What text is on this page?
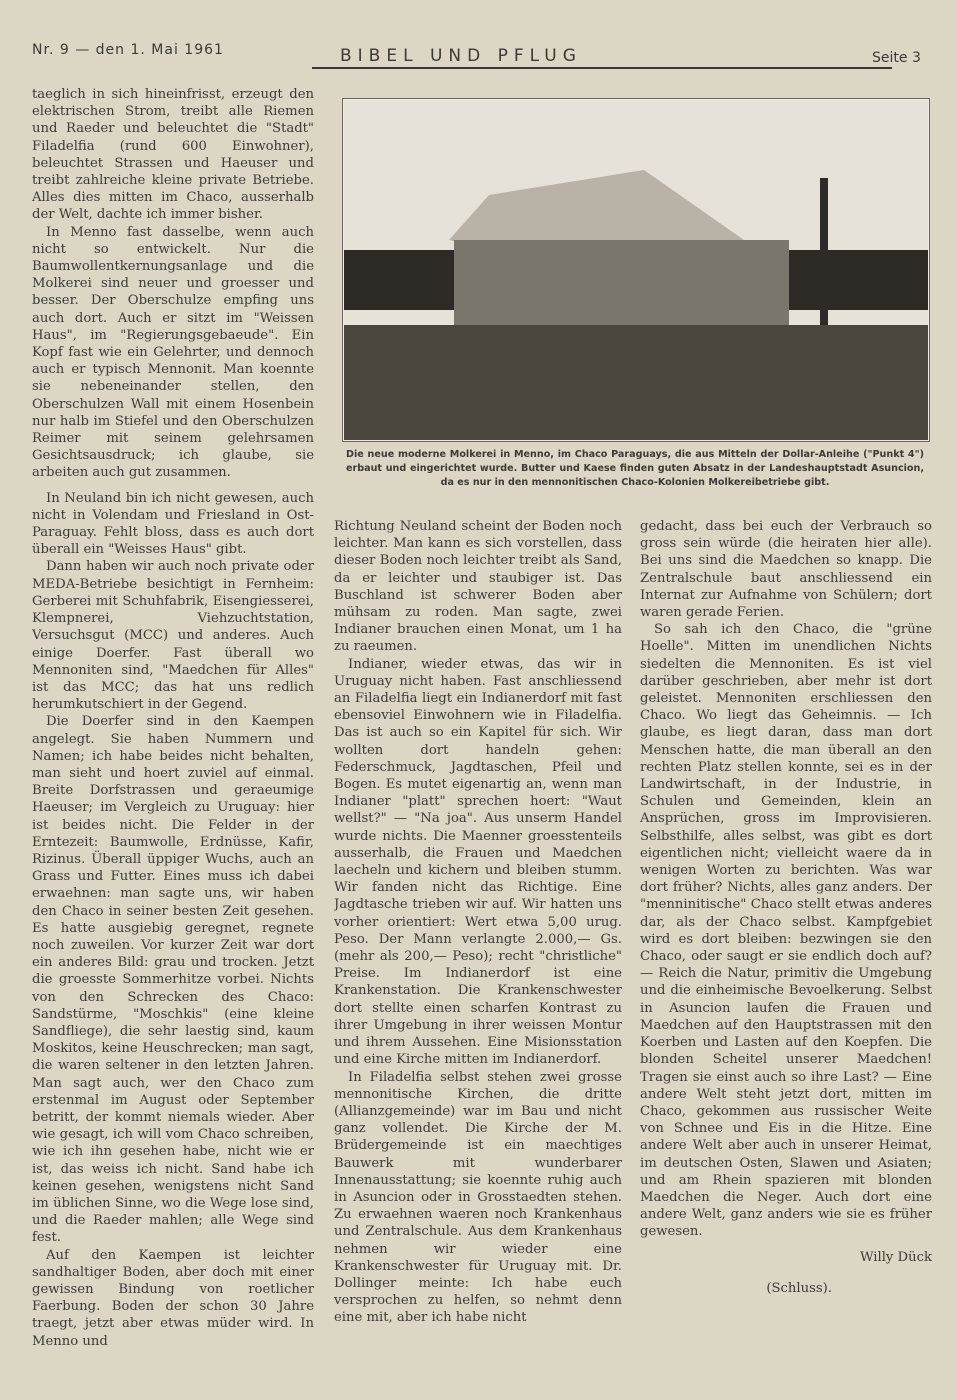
Nr. 9 — den 1. Mai 1961	BIBEL UND PFLUG	Seite 3

taeglich in sich hineinfrisst, erzeugt den elektrischen Strom, treibt alle Riemen und Raeder und beleuchtet die "Stadt" Filadelfia (rund 600 Einwohner), beleuchtet Strassen und Haeuser und treibt zahlreiche kleine private Betriebe. Alles dies mitten im Chaco, ausserhalb der Welt, dachte ich immer bisher.

In Menno fast dasselbe, wenn auch nicht so entwickelt. Nur die Baumwollentkernungsanlage und die Molkerei sind neuer und groesser und besser. Der Oberschulze empfing uns auch dort. Auch er sitzt im "Weissen Haus", im "Regierungsgebaeude". Ein Kopf fast wie ein Gelehrter, und dennoch auch er typisch Mennonit. Man koennte sie nebeneinander stellen, den Oberschulzen Wall mit einem Hosenbein nur halb im Stiefel und den Oberschulzen Reimer mit seinem gelehrsamen Gesichtsausdruck; ich glaube, sie arbeiten auch gut zusammen.

In Neuland bin ich nicht gewesen, auch nicht in Volendam und Friesland in Ost-Paraguay. Fehlt bloss, dass es auch dort überall ein "Weisses Haus" gibt.

Dann haben wir auch noch private oder MEDA-Betriebe besichtigt in Fernheim: Gerberei mit Schuhfabrik, Eisengiesserei, Klempnerei, Viehzuchtstation, Versuchsgut (MCC) und anderes. Auch einige Doerfer. Fast überall wo Mennoniten sind, "Maedchen für Alles" ist das MCC; das hat uns redlich herumkutschiert in der Gegend.

Die Doerfer sind in den Kaempen angelegt. Sie haben Nummern und Namen; ich habe beides nicht behalten, man sieht und hoert zuviel auf einmal. Breite Dorfstrassen und geraeumige Haeuser; im Vergleich zu Uruguay: hier ist beides nicht. Die Felder in der Erntezeit: Baumwolle, Erdnüsse, Kafir, Rizinus. Überall üppiger Wuchs, auch an Grass und Futter. Eines muss ich dabei erwaehnen: man sagte uns, wir haben den Chaco in seiner besten Zeit gesehen. Es hatte ausgiebig geregnet, regnete noch zuweilen. Vor kurzer Zeit war dort ein anderes Bild: grau und trocken. Jetzt die groesste Sommerhitze vorbei. Nichts von den Schrecken des Chaco: Sandstürme, "Moschkis" (eine kleine Sandfliege), die sehr laestig sind, kaum Moskitos, keine Heuschrecken; man sagt, die waren seltener in den letzten Jahren. Man sagt auch, wer den Chaco zum erstenmal im August oder September betritt, der kommt niemals wieder. Aber wie gesagt, ich will vom Chaco schreiben, wie ich ihn gesehen habe, nicht wie er ist, das weiss ich nicht. Sand habe ich keinen gesehen, wenigstens nicht Sand im üblichen Sinne, wo die Wege lose sind, und die Raeder mahlen; alle Wege sind fest.

Auf den Kaempen ist leichter sandhaltiger Boden, aber doch mit einer gewissen Bindung von roetlicher Faerbung. Boden der schon 30 Jahre traegt, jetzt aber etwas müder wird. In Menno und

Die neue moderne Molkerei in Menno, im Chaco Paraguays, die aus Mitteln der Dollar-Anleihe ("Punkt 4") erbaut und eingerichtet wurde. Butter und Kaese finden guten Absatz in der Landeshauptstadt Asuncion, da es nur in den mennonitischen Chaco-Kolonien Molkereibetriebe gibt.

Richtung Neuland scheint der Boden noch leichter. Man kann es sich vorstellen, dass dieser Boden noch leichter treibt als Sand, da er leichter und staubiger ist. Das Buschland ist schwerer Boden aber mühsam zu roden. Man sagte, zwei Indianer brauchen einen Monat, um 1 ha zu raeumen.

Indianer, wieder etwas, das wir in Uruguay nicht haben. Fast anschliessend an Filadelfia liegt ein Indianerdorf mit fast ebensoviel Einwohnern wie in Filadelfia. Das ist auch so ein Kapitel für sich. Wir wollten dort handeln gehen: Federschmuck, Jagdtaschen, Pfeil und Bogen. Es mutet eigenartig an, wenn man Indianer "platt" sprechen hoert: "Waut wellst?" — "Na joa". Aus unserm Handel wurde nichts. Die Maenner groesstenteils ausserhalb, die Frauen und Maedchen laecheln und kichern und bleiben stumm. Wir fanden nicht das Richtige. Eine Jagdtasche trieben wir auf. Wir hatten uns vorher orientiert: Wert etwa 5,00 urug. Peso. Der Mann verlangte 2.000,— Gs. (mehr als 200,— Peso); recht "christliche" Preise. Im Indianerdorf ist eine Krankenstation. Die Krankenschwester dort stellte einen scharfen Kontrast zu ihrer Umgebung in ihrer weissen Montur und ihrem Aussehen. Eine Misionsstation und eine Kirche mitten im Indianerdorf.

In Filadelfia selbst stehen zwei grosse mennonitische Kirchen, die dritte (Allianzgemeinde) war im Bau und nicht ganz vollendet. Die Kirche der M. Brüdergemeinde ist ein maechtiges Bauwerk mit wunderbarer Innenausstattung; sie koennte ruhig auch in Asuncion oder in Grosstaedten stehen. Zu erwaehnen waeren noch Krankenhaus und Zentralschule. Aus dem Krankenhaus nehmen wir wieder eine Krankenschwester für Uruguay mit. Dr. Dollinger meinte: Ich habe euch versprochen zu helfen, so nehmt denn eine mit, aber ich habe nicht

gedacht, dass bei euch der Verbrauch so gross sein würde (die heiraten hier alle). Bei uns sind die Maedchen so knapp. Die Zentralschule baut anschliessend ein Internat zur Aufnahme von Schülern; dort waren gerade Ferien.

So sah ich den Chaco, die "grüne Hoelle". Mitten im unendlichen Nichts siedelten die Mennoniten. Es ist viel darüber geschrieben, aber mehr ist dort geleistet. Mennoniten erschliessen den Chaco. Wo liegt das Geheimnis. — Ich glaube, es liegt daran, dass man dort Menschen hatte, die man überall an den rechten Platz stellen konnte, sei es in der Landwirtschaft, in der Industrie, in Schulen und Gemeinden, klein an Ansprüchen, gross im Improvisieren. Selbsthilfe, alles selbst, was gibt es dort eigentlichen nicht; vielleicht waere da in wenigen Worten zu berichten. Was war dort früher? Nichts, alles ganz anders. Der "menninitische" Chaco stellt etwas anderes dar, als der Chaco selbst. Kampfgebiet wird es dort bleiben: bezwingen sie den Chaco, oder saugt er sie endlich doch auf? — Reich die Natur, primitiv die Umgebung und die einheimische Bevoelkerung. Selbst in Asuncion laufen die Frauen und Maedchen auf den Hauptstrassen mit den Koerben und Lasten auf den Koepfen. Die blonden Scheitel unserer Maedchen! Tragen sie einst auch so ihre Last? — Eine andere Welt steht jetzt dort, mitten im Chaco, gekommen aus russischer Weite von Schnee und Eis in die Hitze. Eine andere Welt aber auch in unserer Heimat, im deutschen Osten, Slawen und Asiaten; und am Rhein spazieren mit blonden Maedchen die Neger. Auch dort eine andere Welt, ganz anders wie sie es früher gewesen.

Willy Dück

(Schluss).
